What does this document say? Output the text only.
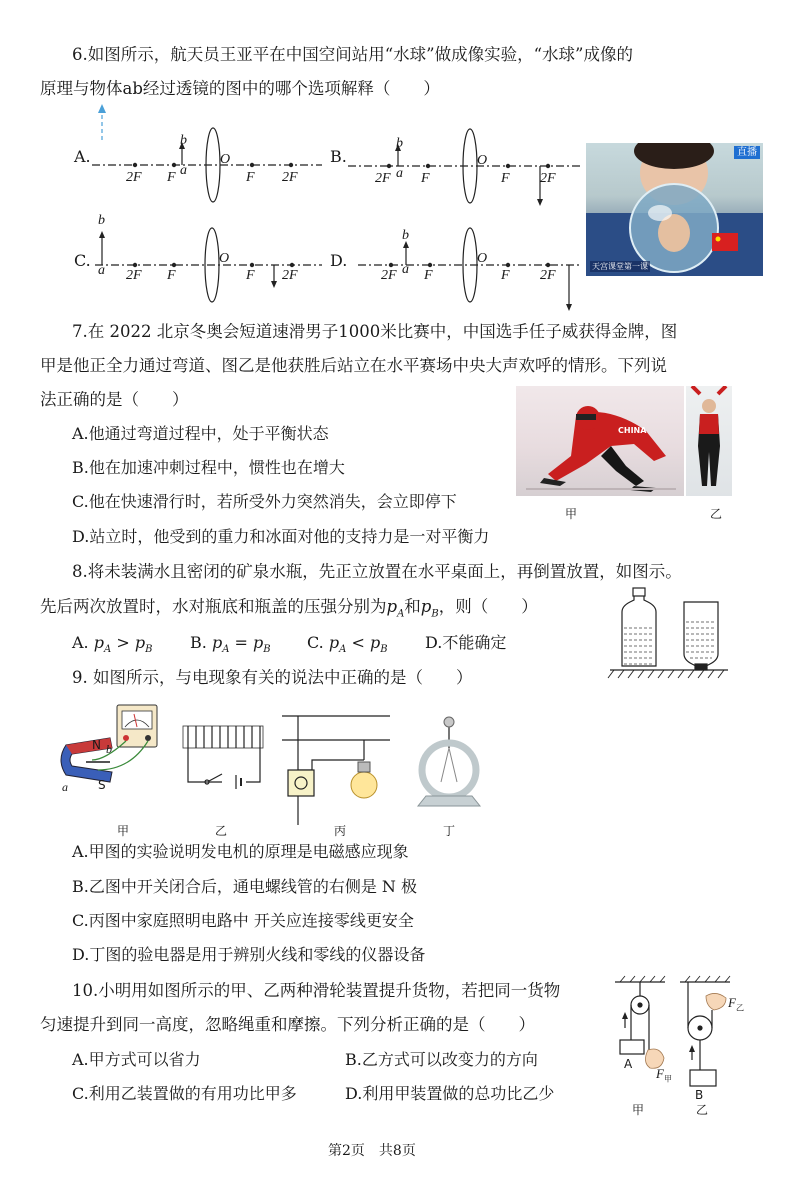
6.如图所示，航天员王亚平在中国空间站用“水球”做成像实验，“水球”成像的
原理与物体ab经过透镜的图中的哪个选项解释（　　）
A.	B.
C.	D.
2F F
O
F 2F
b
a
2F F
O
F 2F
b
a
2F F
O
F 2F
b
a	2F F
O
F 2F
b
a
直播
天宫课堂第一课
7.在 2022 北京冬奥会短道速滑男子1000米比赛中，中国选手任子威获得金牌，图
甲是他正全力通过弯道、图乙是他获胜后站立在水平赛场中央大声欢呼的情形。下列说
法正确的是（　　）
A.他通过弯道过程中，处于平衡状态
B.他在加速冲刺过程中，惯性也在增大
C.他在快速滑行时，若所受外力突然消失，会立即停下
D.站立时，他受到的重力和冰面对他的支持力是一对平衡力
CHINA
甲	乙
8.将未装满水且密闭的矿泉水瓶，先正立放置在水平桌面上，再倒置放置，如图示。
先后两次放置时，水对瓶底和瓶盖的压强分别为$p_A$和$p_B$，则（　　）
A. $p_A > p_B$ B. $p_A = p_B$ C. $p_A < p_B$ D.不能确定
9. 如图所示，与电现象有关的说法中正确的是（　　）
N
S
a
b
甲	乙	丙	丁
A.甲图的实验说明发电机的原理是电磁感应现象
B.乙图中开关闭合后，通电螺线管的右侧是 N 极
C.丙图中家庭照明电路中 开关应连接零线更安全
D.丁图的验电器是用于辨别火线和零线的仪器设备
10.小明用如图所示的甲、乙两种滑轮装置提升货物，若把同一货物
匀速提升到同一高度，忽略绳重和摩擦。下列分析正确的是（　　）
A.甲方式可以省力	B.乙方式可以改变力的方向
C.利用乙装置做的有用功比甲多	D.利用甲装置做的总功比乙少
A
B
$F_甲$
$F_乙$
甲	乙
第2页　共8页
